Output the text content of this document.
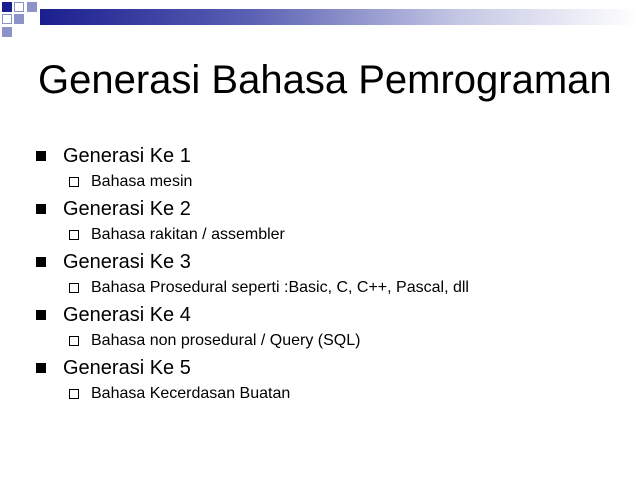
Generasi Bahasa Pemrograman
Generasi Ke 1
Bahasa mesin
Generasi Ke 2
Bahasa rakitan / assembler
Generasi Ke 3
Bahasa Prosedural seperti :Basic, C, C++, Pascal, dll
Generasi Ke 4
Bahasa non prosedural / Query (SQL)
Generasi Ke 5
Bahasa Kecerdasan Buatan
